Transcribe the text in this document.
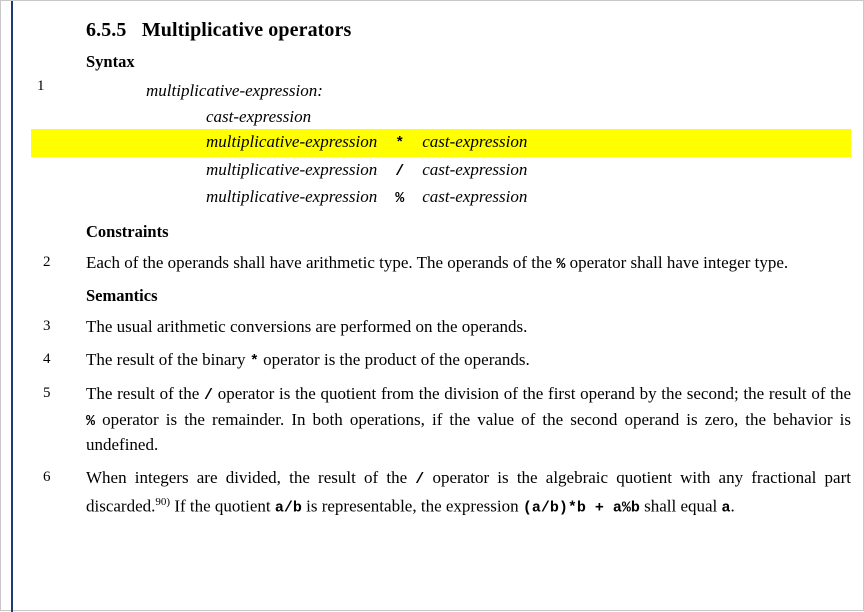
6.5.5 Multiplicative operators
Syntax
1	multiplicative-expression:
cast-expression
multiplicative-expression * cast-expression
multiplicative-expression / cast-expression
multiplicative-expression % cast-expression
Constraints
2 Each of the operands shall have arithmetic type. The operands of the % operator shall have integer type.

Semantics
3 The usual arithmetic conversions are performed on the operands.

4 The result of the binary * operator is the product of the operands.

5 The result of the / operator is the quotient from the division of the first operand by the second; the result of the % operator is the remainder. In both operations, if the value of the second operand is zero, the behavior is undefined.

6 When integers are divided, the result of the / operator is the algebraic quotient with any fractional part discarded.$^{90)}$ If the quotient a/b is representable, the expression (a/b)*b + a%b shall equal a.
